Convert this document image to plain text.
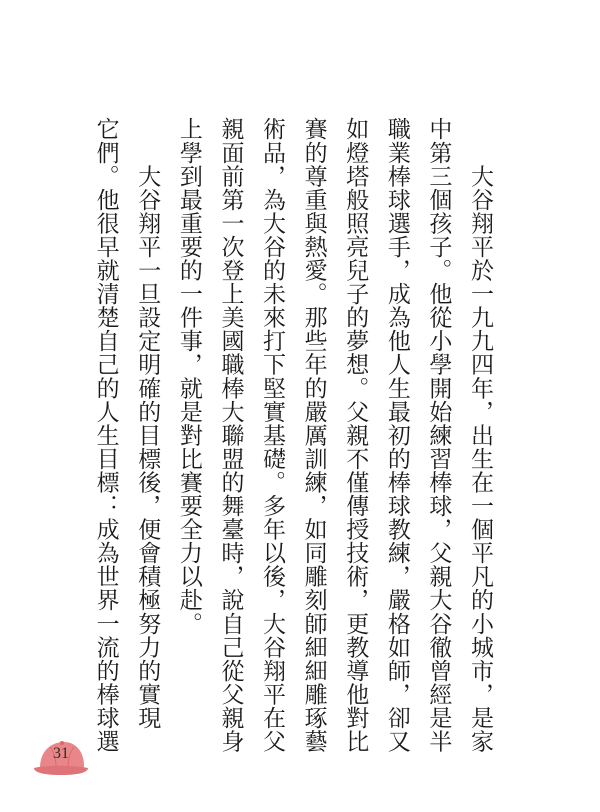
　　大谷翔平於一九九四年，出生在一個平凡的小城市，是家
中第三個孩子。他從小學開始練習棒球，父親大谷徹曾經是半
職業棒球選手，成為他人生最初的棒球教練，嚴格如師，卻又
如燈塔般照亮兒子的夢想。父親不僅傳授技術，更教導他對比
賽的尊重與熱愛。那些年的嚴厲訓練，如同雕刻師細細雕琢藝
術品，為大谷的未來打下堅實基礎。多年以後，大谷翔平在父
親面前第一次登上美國職棒大聯盟的舞臺時，說自己從父親身
上學到最重要的一件事，就是對比賽要全力以赴。
　　大谷翔平一旦設定明確的目標後，便會積極努力的實現
它們。他很早就清楚自己的人生目標：成為世界一流的棒球選
31
